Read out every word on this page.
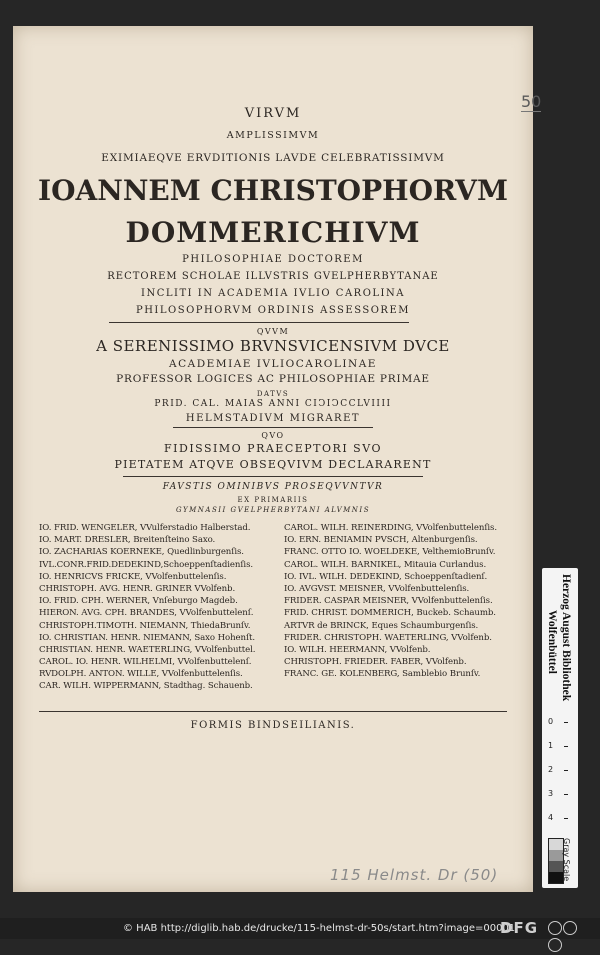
50
VIRVM
AMPLISSIMVM
EXIMIAEQVE ERVDITIONIS LAVDE CELEBRATISSIMVM
IOANNEM CHRISTOPHORVM
DOMMERICHIVM
PHILOSOPHIAE DOCTOREM
RECTOREM SCHOLAE ILLVSTRIS GVELPHERBYTANAE
INCLITI IN ACADEMIA IVLIO CAROLINA
PHILOSOPHORVM ORDINIS ASSESSOREM
QVVM
A SERENISSIMO BRVNSVICENSIVM DVCE
ACADEMIAE IVLIOCAROLINAE
PROFESSOR LOGICES AC PHILOSOPHIAE PRIMAE
DATVS
PRID. CAL. MAIAS ANNI CIↃIↃCCLVIIII
HELMSTADIVM MIGRARET
QVO
FIDISSIMO PRAECEPTORI SVO
PIETATEM ATQVE OBSEQVIVM DECLARARENT
FAVSTIS OMINIBVS PROSEQVVNTVR
EX PRIMARIIS
GYMNASII GVELPHERBYTANI ALVMNIS
IO. FRID. WENGELER, VVulferstadio Halberstad.
IO. MART. DRESLER, Breitenſteino Saxo.
IO. ZACHARIAS KOERNEKE, Quedlinburgenſis.
IVL.CONR.FRID.DEDEKIND,Schoeppenſtadienſis.
IO. HENRICVS FRICKE, VVolfenbuttelenſis.
CHRISTOPH. AVG. HENR. GRINER VVolfenb.
IO. FRID. CPH. WERNER, Vnſeburgo Magdeb.
HIERON. AVG. CPH. BRANDES, VVolfenbuttelenſ.
CHRISTOPH.TIMOTH. NIEMANN, ThiedaBrunſv.
IO. CHRISTIAN. HENR. NIEMANN, Saxo Hohenſt.
CHRISTIAN. HENR. WAETERLING, VVolfenbuttel.
CAROL. IO. HENR. WILHELMI, VVolfenbuttelenſ.
RVDOLPH. ANTON. WILLE, VVolfenbuttelenſis.
CAR. WILH. WIPPERMANN, Stadthag. Schauenb.
CAROL. WILH. REINERDING, VVolfenbuttelenſis.
IO. ERN. BENIAMIN PVSCH, Altenburgenſis.
FRANC. OTTO IO. WOELDEKE, VelthemioBrunſv.
CAROL. WILH. BARNIKEL, Mitauia Curlandus.
IO. IVL. WILH. DEDEKIND, Schoeppenſtadienſ.
IO. AVGVST. MEISNER, VVolfenbuttelenſis.
FRIDER. CASPAR MEISNER, VVolfenbuttelenſis.
FRID. CHRIST. DOMMERICH, Buckeb. Schaumb.
ARTVR de BRINCK, Eques Schaumburgenſis.
FRIDER. CHRISTOPH. WAETERLING, VVolfenb.
IO. WILH. HEERMANN, VVolfenb.
CHRISTOPH. FRIEDER. FABER, VVolfenb.
FRANC. GE. KOLENBERG, Samblebio Brunſv.
FORMIS BINDSEILIANIS.
115 Helmst. Dr (50)
Herzog August Bibliothek
Wolfenbüttel
0
1
2
3
4
Gray Scale
© HAB http://diglib.hab.de/drucke/115-helmst-dr-50s/start.htm?image=00001
DFG
